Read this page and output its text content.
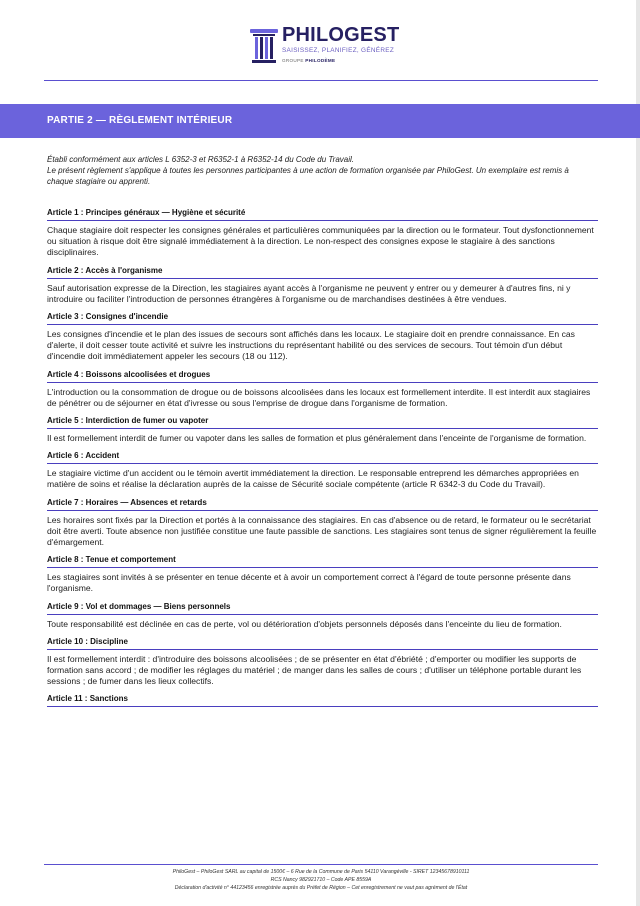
PHILOGEST
SAISISSEZ, PLANIFIEZ, GÉNÉREZ
GROUPE PHILODÈME
PARTIE 2 — RÈGLEMENT INTÉRIEUR
Établi conformément aux articles L 6352-3 et R6352-1 à R6352-14 du Code du Travail.
Le présent règlement s'applique à toutes les personnes participantes à une action de formation organisée par PhiloGest. Un exemplaire est remis à chaque stagiaire ou apprenti.
Article 1 : Principes généraux — Hygiène et sécurité
Chaque stagiaire doit respecter les consignes générales et particulières communiquées par la direction ou le formateur. Tout dysfonctionnement ou situation à risque doit être signalé immédiatement à la direction. Le non-respect des consignes expose le stagiaire à des sanctions disciplinaires.
Article 2 : Accès à l'organisme
Sauf autorisation expresse de la Direction, les stagiaires ayant accès à l'organisme ne peuvent y entrer ou y demeurer à d'autres fins, ni y introduire ou faciliter l'introduction de personnes étrangères à l'organisme ou de marchandises destinées à être vendues.
Article 3 : Consignes d'incendie
Les consignes d'incendie et le plan des issues de secours sont affichés dans les locaux. Le stagiaire doit en prendre connaissance. En cas d'alerte, il doit cesser toute activité et suivre les instructions du représentant habilité ou des services de secours. Tout témoin d'un début d'incendie doit immédiatement appeler les secours (18 ou 112).
Article 4 : Boissons alcoolisées et drogues
L'introduction ou la consommation de drogue ou de boissons alcoolisées dans les locaux est formellement interdite. Il est interdit aux stagiaires de pénétrer ou de séjourner en état d'ivresse ou sous l'emprise de drogue dans l'organisme de formation.
Article 5 : Interdiction de fumer ou vapoter
Il est formellement interdit de fumer ou vapoter dans les salles de formation et plus généralement dans l'enceinte de l'organisme de formation.
Article 6 : Accident
Le stagiaire victime d'un accident ou le témoin avertit immédiatement la direction. Le responsable entreprend les démarches appropriées en matière de soins et réalise la déclaration auprès de la caisse de Sécurité sociale compétente (article R 6342-3 du Code du Travail).
Article 7 : Horaires — Absences et retards
Les horaires sont fixés par la Direction et portés à la connaissance des stagiaires. En cas d'absence ou de retard, le formateur ou le secrétariat doit être averti. Toute absence non justifiée constitue une faute passible de sanctions. Les stagiaires sont tenus de signer régulièrement la feuille d'émargement.
Article 8 : Tenue et comportement
Les stagiaires sont invités à se présenter en tenue décente et à avoir un comportement correct à l'égard de toute personne présente dans l'organisme.
Article 9 : Vol et dommages — Biens personnels
Toute responsabilité est déclinée en cas de perte, vol ou détérioration d'objets personnels déposés dans l'enceinte du lieu de formation.
Article 10 : Discipline
Il est formellement interdit : d'introduire des boissons alcoolisées ; de se présenter en état d'ébriété ; d'emporter ou modifier les supports de formation sans accord ; de modifier les réglages du matériel ; de manger dans les salles de cours ; d'utiliser un téléphone portable durant les sessions ; de fumer dans les lieux collectifs.
Article 11 : Sanctions
PhiloGest – PhiloGest SARL au capital de 1500€ – 6 Rue de la Commune de Paris 54110 Varangéville - SIRET 12345678910111
RCS Nancy 982921710 – Code APE 8559A
Déclaration d'activité n° 44123456 enregistrée auprès du Préfet de Région – Cet enregistrement ne vaut pas agrément de l'État
